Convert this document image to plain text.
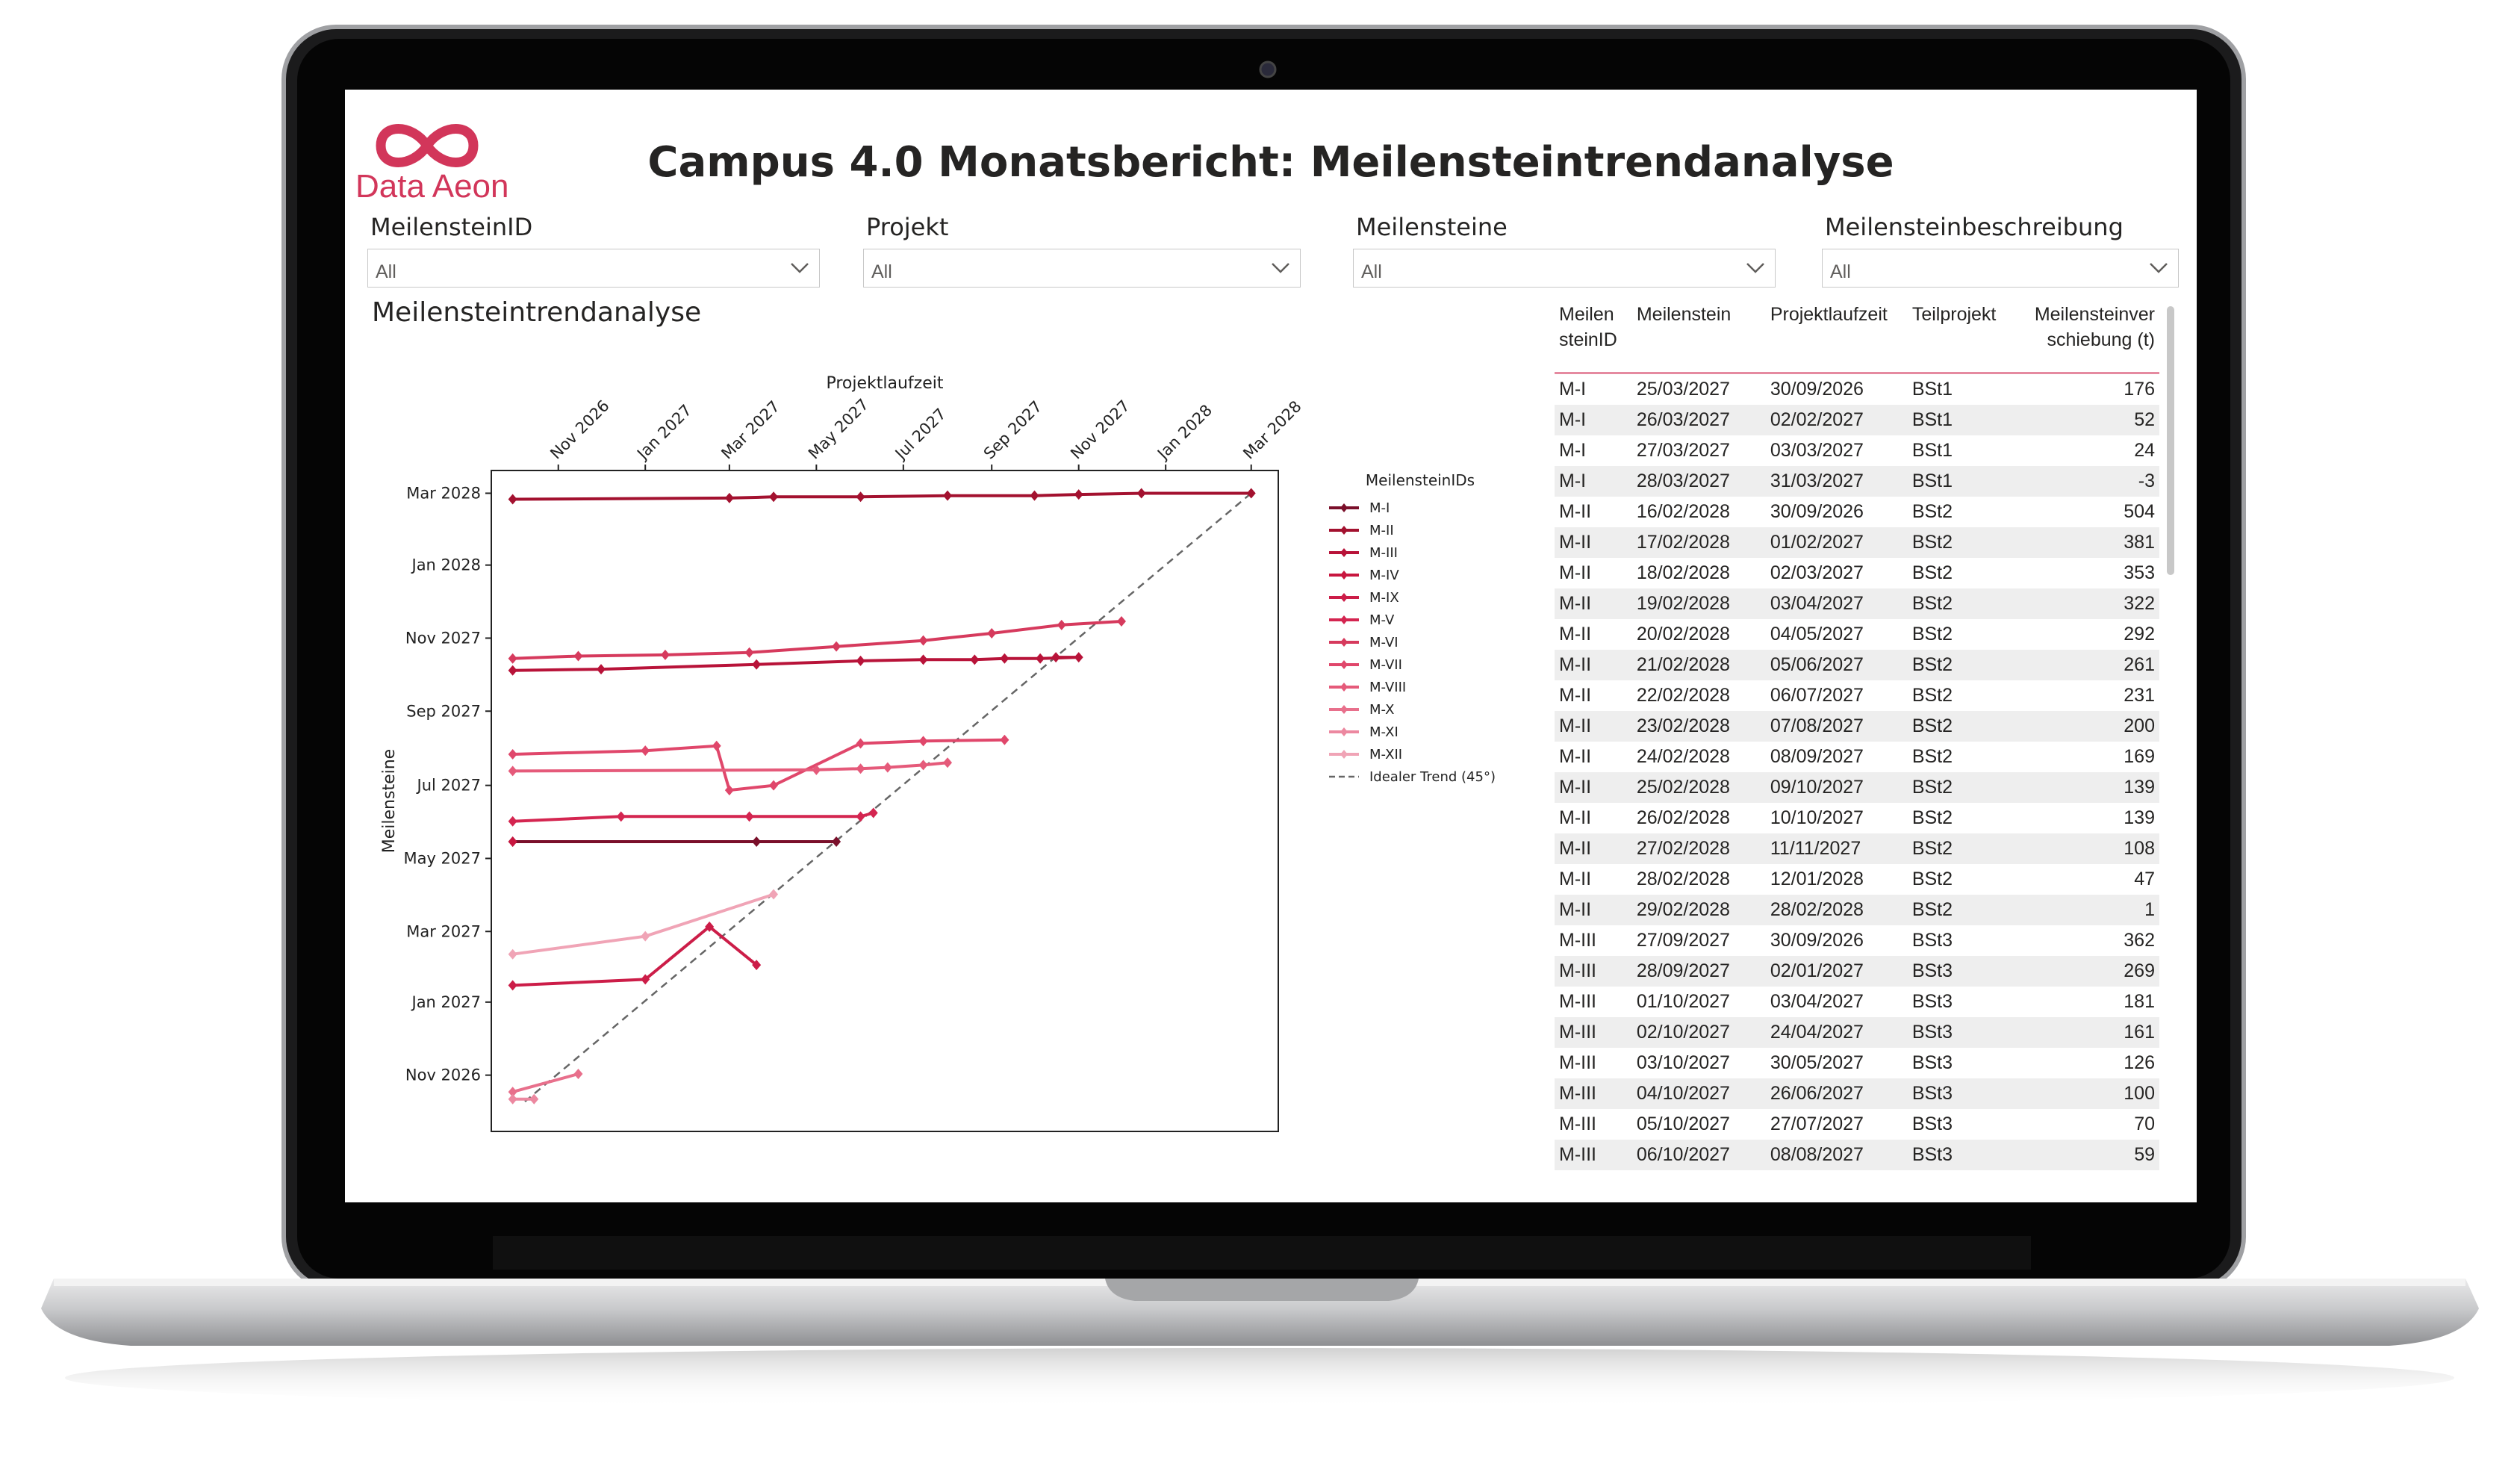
Data Aeon	Campus 4.0 Monatsbericht: Meilensteintrendanalyse
MeilensteinID
All
Projekt
All
Meilensteine
All
Meilensteinbeschreibung
All
Meilensteintrendanalyse
Nov 2026 Jan 2027 Mar 2027 May 2027 Jul 2027 Sep 2027 Nov 2027 Jan 2028 Mar 2028
Mar 2028
Jan 2028
Nov 2027
Sep 2027
Jul 2027
May 2027
Mar 2027
Jan 2027
Nov 2026
Projektlaufzeit
Meilensteine
MeilensteinIDs
M-I
M-II
M-III
M-IV
M-IX
M-V
M-VI
M-VII
M-VIII
M-X
M-XI
M-XII
Idealer Trend (45°)
Meilen steinID	Meilenstein	Projektlaufzeit	Teilprojekt	Meilensteinver schiebung (t)
M-I	25/03/2027	30/09/2026	BSt1	176
M-I	26/03/2027	02/02/2027	BSt1	52
M-I	27/03/2027	03/03/2027	BSt1	24
M-I	28/03/2027	31/03/2027	BSt1	-3
M-II	16/02/2028	30/09/2026	BSt2	504
M-II	17/02/2028	01/02/2027	BSt2	381
M-II	18/02/2028	02/03/2027	BSt2	353
M-II	19/02/2028	03/04/2027	BSt2	322
M-II	20/02/2028	04/05/2027	BSt2	292
M-II	21/02/2028	05/06/2027	BSt2	261
M-II	22/02/2028	06/07/2027	BSt2	231
M-II	23/02/2028	07/08/2027	BSt2	200
M-II	24/02/2028	08/09/2027	BSt2	169
M-II	25/02/2028	09/10/2027	BSt2	139
M-II	26/02/2028	10/10/2027	BSt2	139
M-II	27/02/2028	11/11/2027	BSt2	108
M-II	28/02/2028	12/01/2028	BSt2	47
M-II	29/02/2028	28/02/2028	BSt2	1
M-III	27/09/2027	30/09/2026	BSt3	362
M-III	28/09/2027	02/01/2027	BSt3	269
M-III	01/10/2027	03/04/2027	BSt3	181
M-III	02/10/2027	24/04/2027	BSt3	161
M-III	03/10/2027	30/05/2027	BSt3	126
M-III	04/10/2027	26/06/2027	BSt3	100
M-III	05/10/2027	27/07/2027	BSt3	70
M-III	06/10/2027	08/08/2027	BSt3	59
